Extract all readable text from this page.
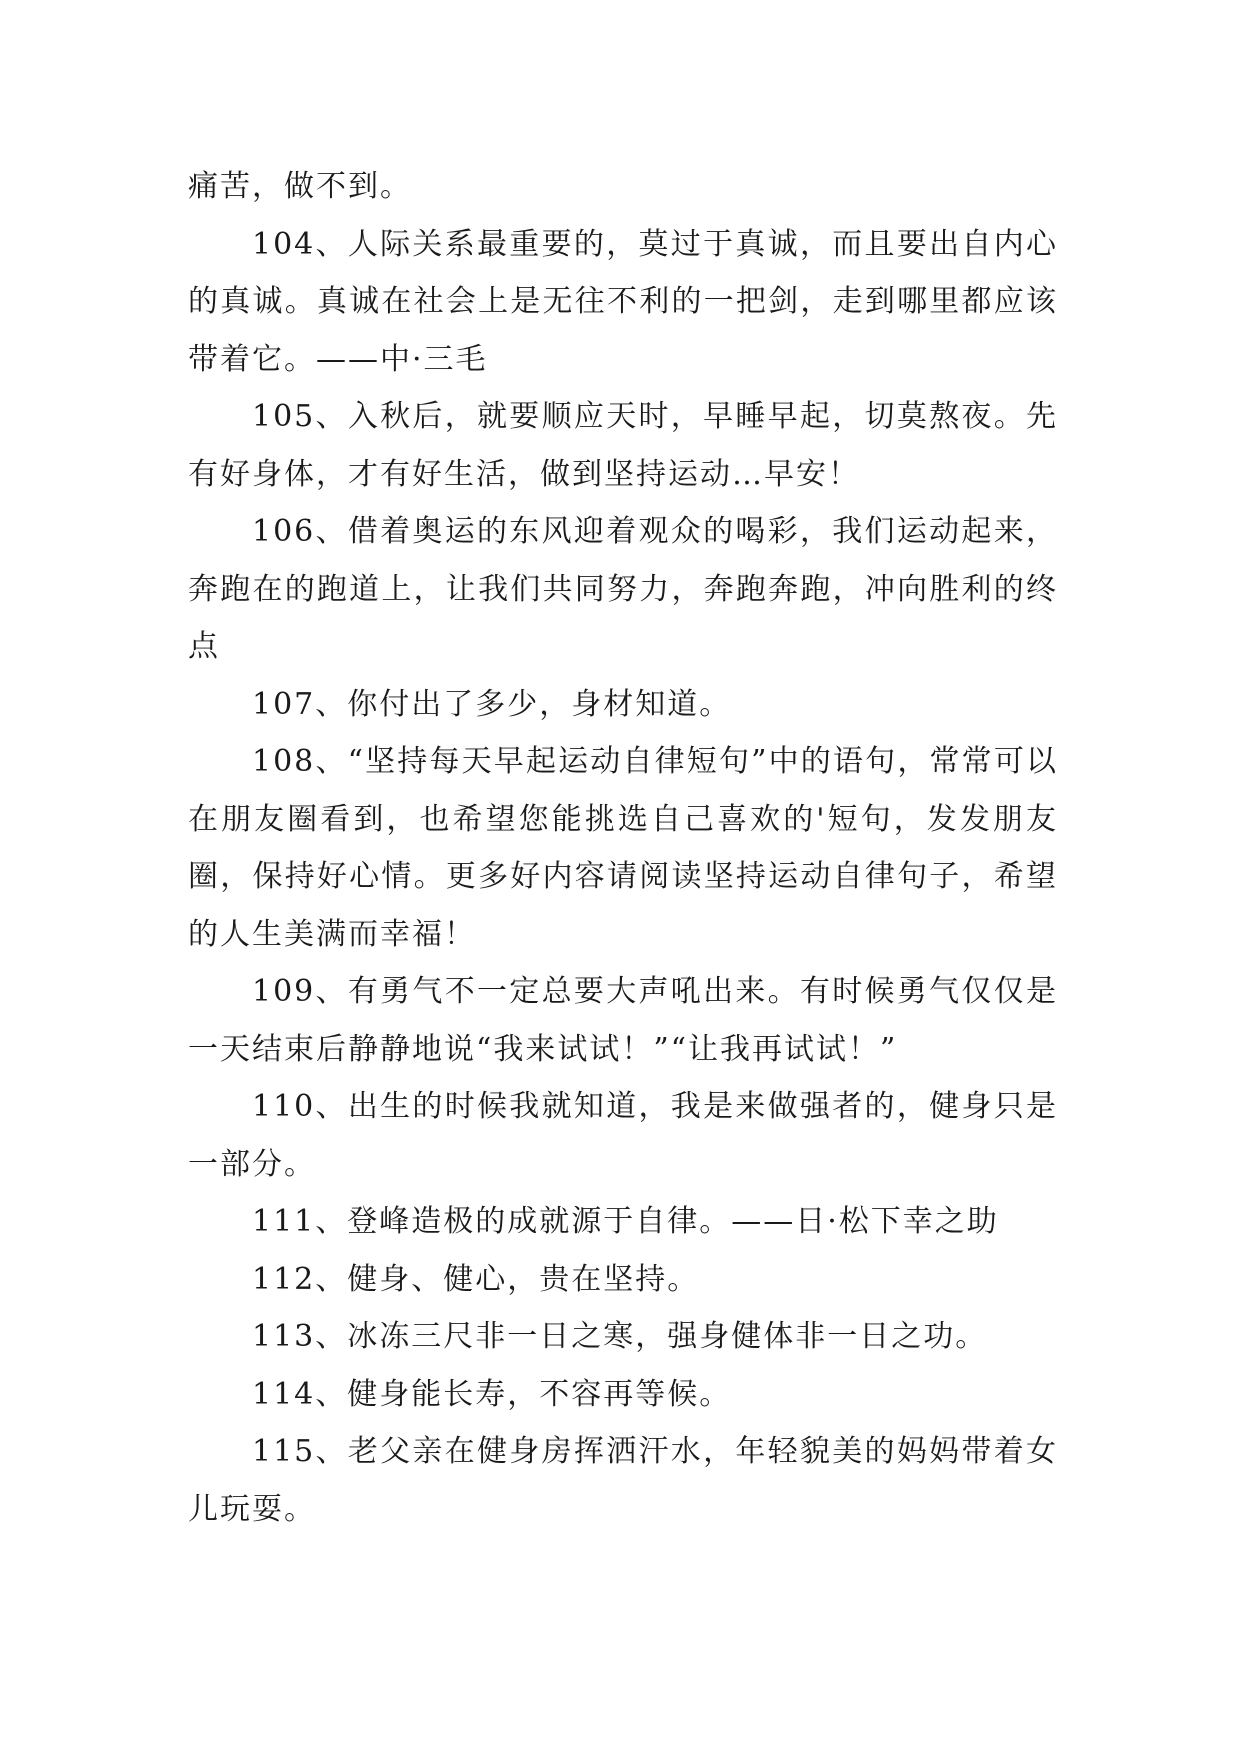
痛苦，做不到。

104、人际关系最重要的，莫过于真诚，而且要出自内心的真诚。真诚在社会上是无往不利的一把剑，走到哪里都应该带着它。——中·三毛

105、入秋后，就要顺应天时，早睡早起，切莫熬夜。先有好身体，才有好生活，做到坚持运动…早安！

106、借着奥运的东风迎着观众的喝彩，我们运动起来，奔跑在的跑道上，让我们共同努力，奔跑奔跑，冲向胜利的终点

107、你付出了多少，身材知道。

108、“坚持每天早起运动自律短句”中的语句，常常可以在朋友圈看到，也希望您能挑选自己喜欢的'短句，发发朋友圈，保持好心情。更多好内容请阅读坚持运动自律句子，希望的人生美满而幸福！

109、有勇气不一定总要大声吼出来。有时候勇气仅仅是一天结束后静静地说“我来试试！”“让我再试试！”

110、出生的时候我就知道，我是来做强者的，健身只是一部分。

111、登峰造极的成就源于自律。——日·松下幸之助

112、健身、健心，贵在坚持。

113、冰冻三尺非一日之寒，强身健体非一日之功。

114、健身能长寿，不容再等候。

115、老父亲在健身房挥洒汗水，年轻貌美的妈妈带着女儿玩耍。
